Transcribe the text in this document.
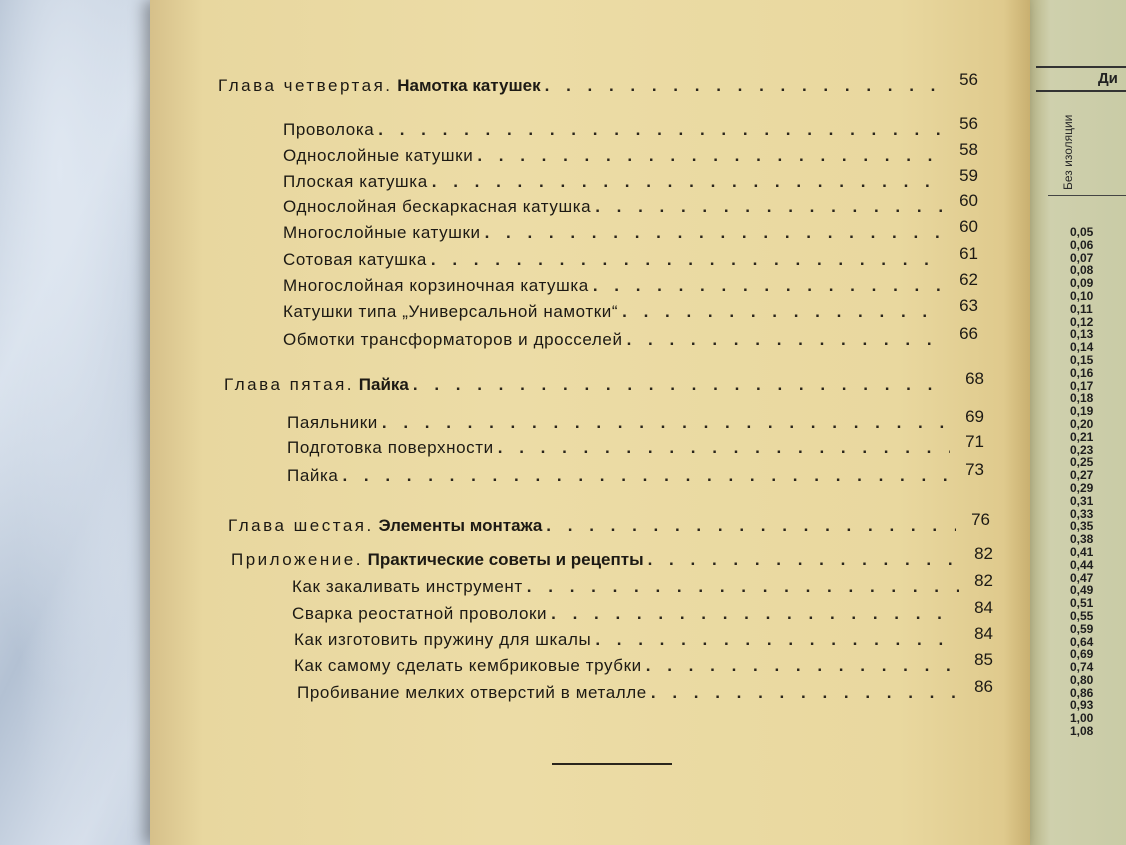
Ди
Без изоляции
0,05
0,06
0,07
0,08
0,09
0,10
0,11
0,12
0,13
0,14
0,15
0,16
0,17
0,18
0,19
0,20
0,21
0,23
0,25
0,27
0,29
0,31
0,33
0,35
0,38
0,41
0,44
0,47
0,49
0,51
0,55
0,59
0,64
0,69
0,74
0,80
0,86
0,93
1,00
1,08
Глава четвертая. Намотка катушек . . .	56
Проволока . . .	56
Однослойные катушки . . .	58
Плоская катушка . . .	59
Однослойная бескаркасная катушка . . .	60
Многослойные катушки . . .	60
Сотовая катушка . . .	61
Многослойная корзиночная катушка . . .	62
Катушки типа „Универсальной намотки“ . . .	63
Обмотки трансформаторов и дросселей . . .	66
Глава пятая. Пайка . . .	68
Паяльники . . .	69
Подготовка поверхности . . .	71
Пайка . . .	73
Глава шестая. Элементы монтажа . . .	76
Приложение. Практические советы и рецепты . . .	82
Как закаливать инструмент . . .	82
Сварка реостатной проволоки . . .	84
Как изготовить пружину для шкалы . . .	84
Как самому сделать кембриковые трубки . . .	85
Пробивание мелких отверстий в металле . . .	86
